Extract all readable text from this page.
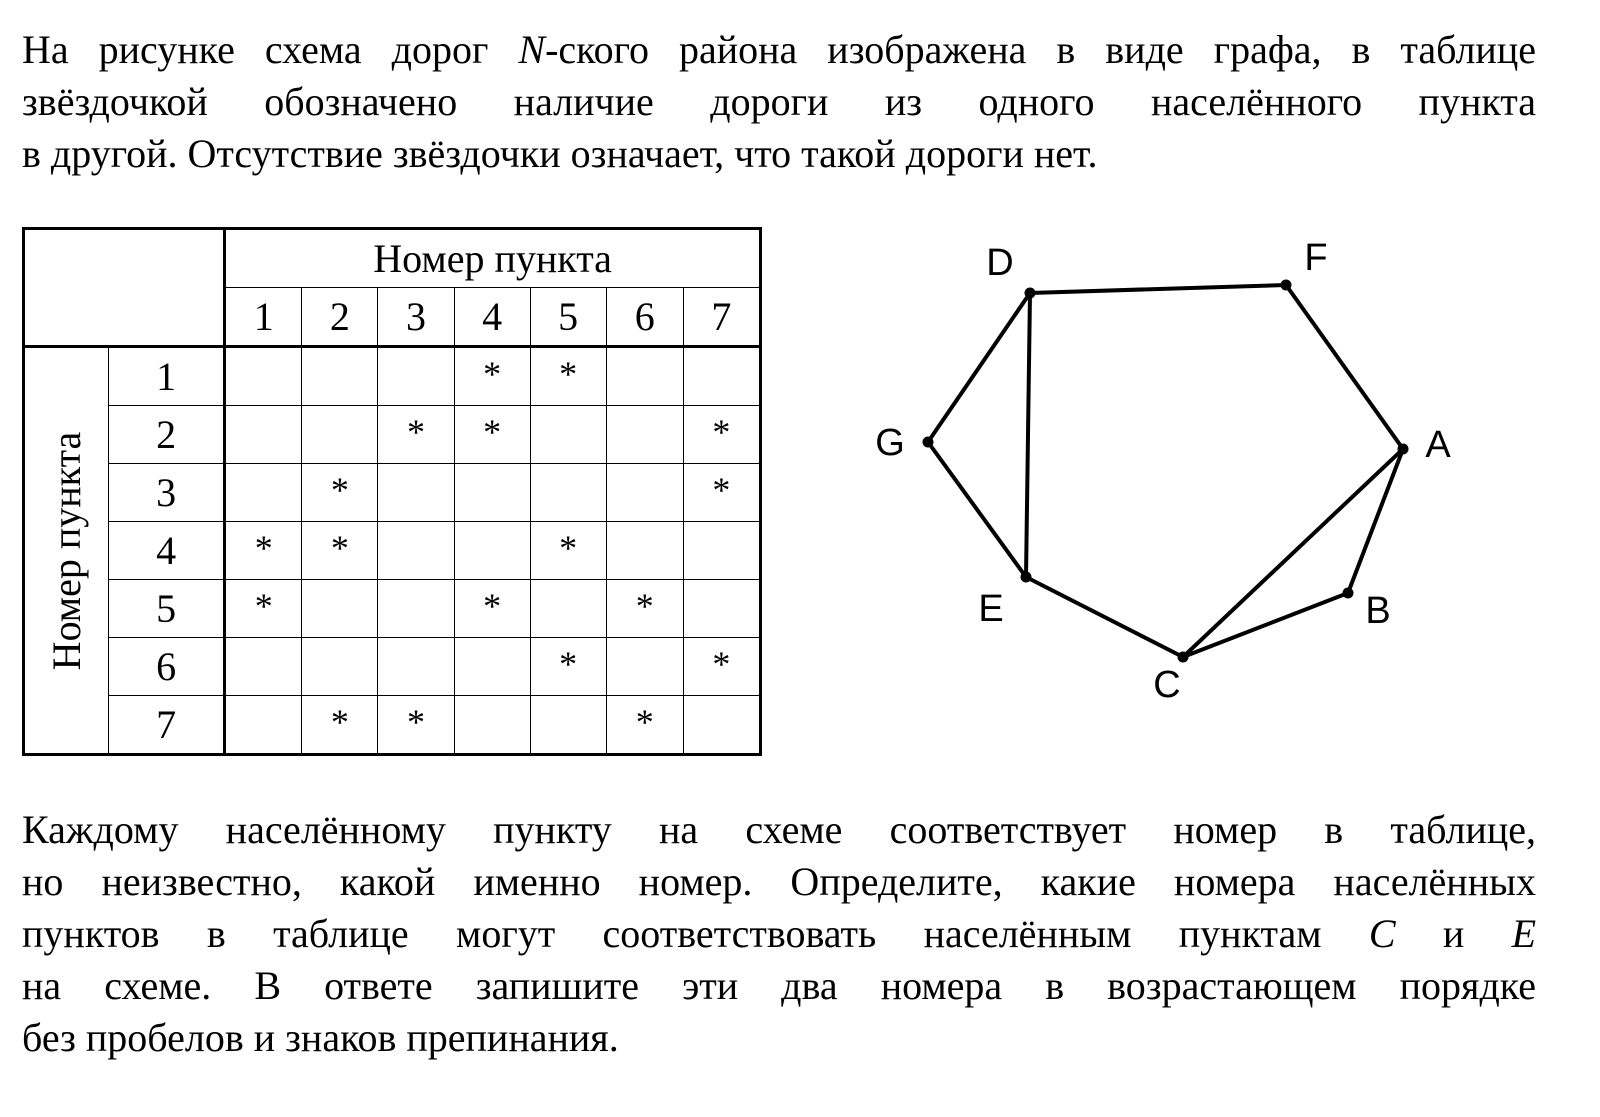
На рисунке схема дорог N-ского района изображена в виде графа, в таблице
звёздочкой обозначено наличие дороги из одного населённого пункта
в другой. Отсутствие звёздочки означает, что такой дороги нет.

		Номер пункта						
		1	2	3	4	5	6	7

Номер пункта	1				*	*		
	2			*	*			*
	3		*					*
	4	*	*			*		
	5	*			*		*	
	6					*		*
	7		*	*			*	
D	F
G	A
E	B
C

Каждому населённому пункту на схеме соответствует номер в таблице,
но неизвестно, какой именно номер. Определите, какие номера населённых
пунктов в таблице могут соответствовать населённым пунктам C и E
на схеме. В ответе запишите эти два номера в возрастающем порядке
без пробелов и знаков препинания.
